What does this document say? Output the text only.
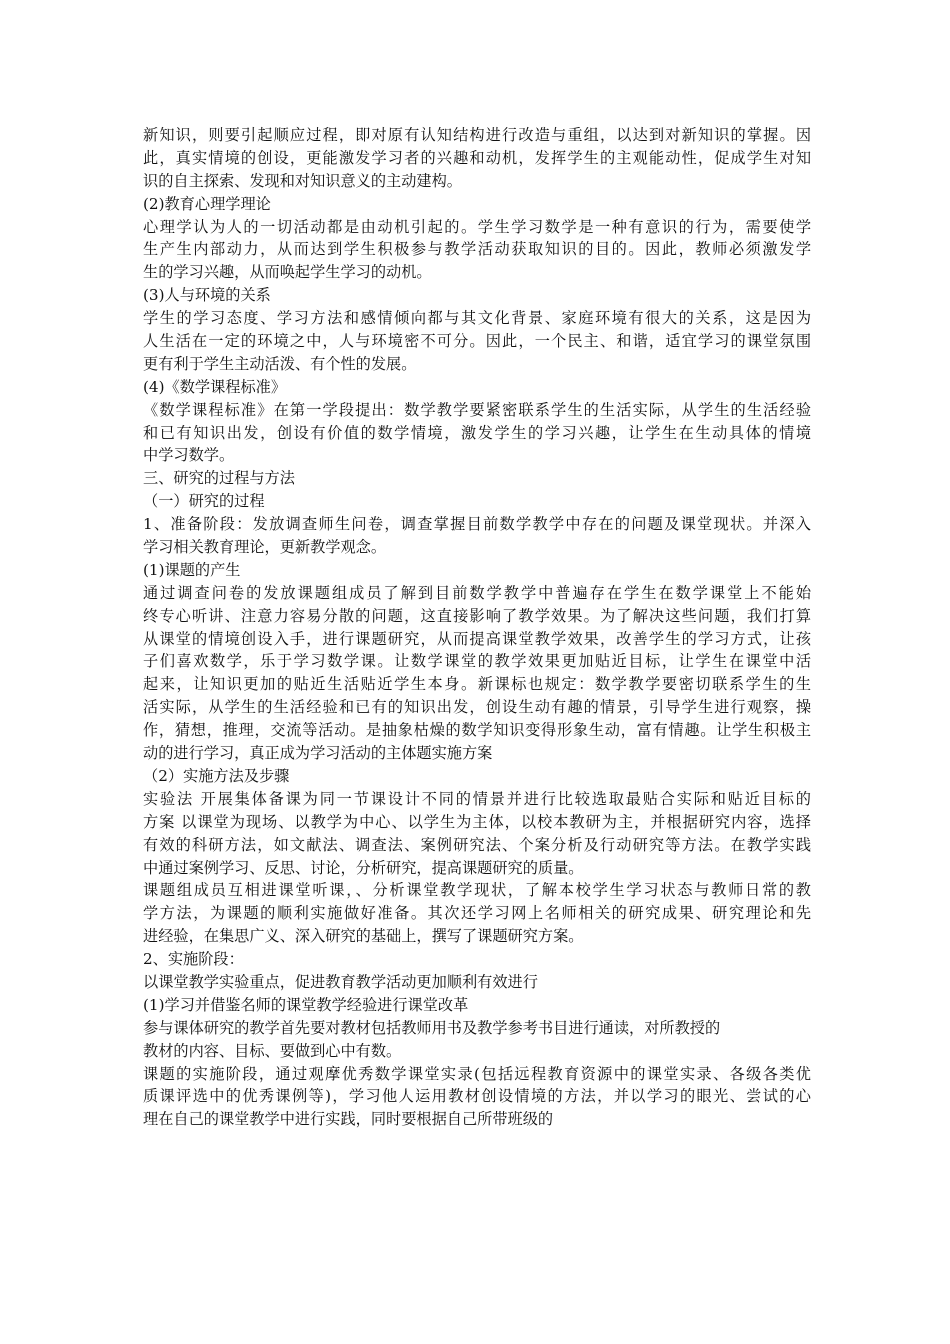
新知识，则要引起顺应过程，即对原有认知结构进行改造与重组，以达到对新知识的掌握。因
此，真实情境的创设，更能激发学习者的兴趣和动机，发挥学生的主观能动性，促成学生对知
识的自主探索、发现和对知识意义的主动建构。
(2)教育心理学理论
心理学认为人的一切活动都是由动机引起的。学生学习数学是一种有意识的行为，需要使学
生产生内部动力，从而达到学生积极参与教学活动获取知识的目的。因此，教师必须激发学
生的学习兴趣，从而唤起学生学习的动机。
(3)人与环境的关系
学生的学习态度、学习方法和感情倾向都与其文化背景、家庭环境有很大的关系，这是因为
人生活在一定的环境之中，人与环境密不可分。因此，一个民主、和谐，适宜学习的课堂氛围
更有利于学生主动活泼、有个性的发展。
(4)《数学课程标准》
《数学课程标准》在第一学段提出：数学教学要紧密联系学生的生活实际，从学生的生活经验
和已有知识出发，创设有价值的数学情境，激发学生的学习兴趣，让学生在生动具体的情境
中学习数学。
三、研究的过程与方法
（一）研究的过程
1、准备阶段：发放调查师生问卷，调查掌握目前数学教学中存在的问题及课堂现状。并深入
学习相关教育理论，更新教学观念。
(1)课题的产生
通过调查问卷的发放课题组成员了解到目前数学教学中普遍存在学生在数学课堂上不能始
终专心听讲、注意力容易分散的问题，这直接影响了教学效果。为了解决这些问题，我们打算
从课堂的情境创设入手，进行课题研究，从而提高课堂教学效果，改善学生的学习方式，让孩
子们喜欢数学，乐于学习数学课。让数学课堂的教学效果更加贴近目标，让学生在课堂中活
起来，让知识更加的贴近生活贴近学生本身。新课标也规定：数学教学要密切联系学生的生
活实际，从学生的生活经验和已有的知识出发，创设生动有趣的情景，引导学生进行观察，操
作，猜想，推理，交流等活动。是抽象枯燥的数学知识变得形象生动，富有情趣。让学生积极主
动的进行学习，真正成为学习活动的主体题实施方案
（2）实施方法及步骤
实验法 开展集体备课为同一节课设计不同的情景并进行比较选取最贴合实际和贴近目标的
方案 以课堂为现场、以教学为中心、以学生为主体，以校本教研为主，并根据研究内容，选择
有效的科研方法，如文献法、调查法、案例研究法、个案分析及行动研究等方法。在教学实践
中通过案例学习、反思、讨论，分析研究，提高课题研究的质量。
课题组成员互相进课堂听课，、分析课堂教学现状，了解本校学生学习状态与教师日常的教
学方法，为课题的顺利实施做好准备。其次还学习网上名师相关的研究成果、研究理论和先
进经验，在集思广义、深入研究的基础上，撰写了课题研究方案。
2、实施阶段：
以课堂教学实验重点，促进教育教学活动更加顺利有效进行
(1)学习并借鉴名师的课堂教学经验进行课堂改革
参与课体研究的教学首先要对教材包括教师用书及教学参考书目进行通读，对所教授的
教材的内容、目标、要做到心中有数。
课题的实施阶段，通过观摩优秀数学课堂实录(包括远程教育资源中的课堂实录、各级各类优
质课评选中的优秀课例等)，学习他人运用教材创设情境的方法，并以学习的眼光、尝试的心
理在自己的课堂教学中进行实践，同时要根据自己所带班级的
